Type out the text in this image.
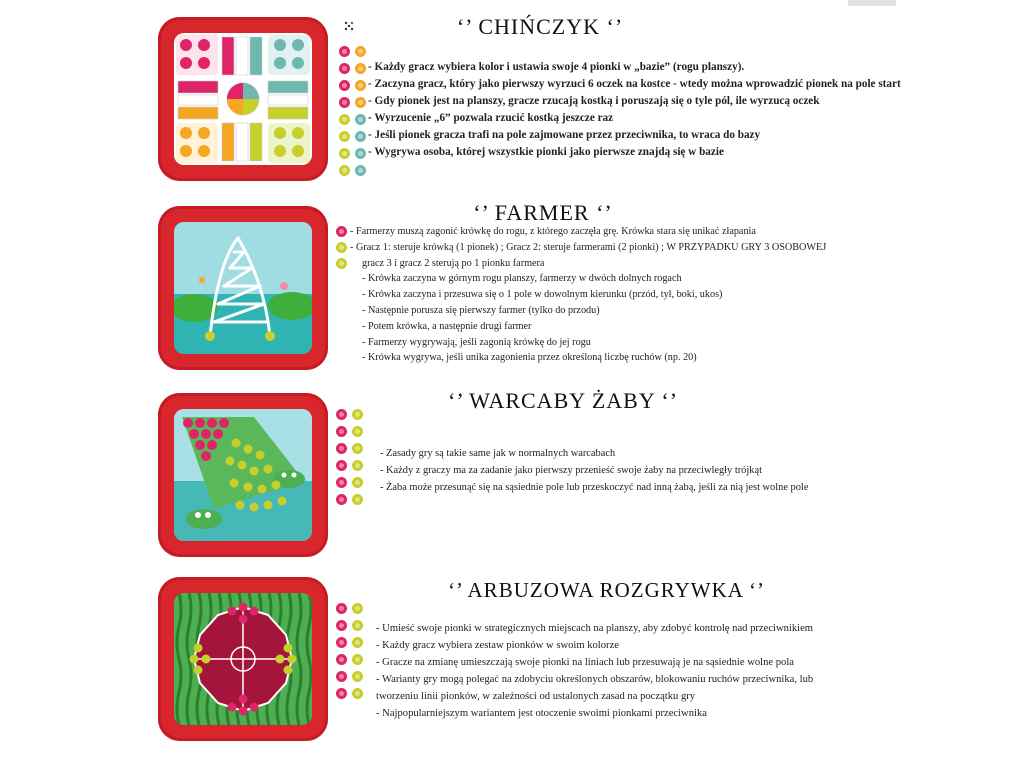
‘’ CHIŃCZYK ‘’
- Każdy gracz wybiera kolor i ustawia swoje 4 pionki w „bazie” (rogu planszy).
- Zaczyna gracz, który jako pierwszy wyrzuci 6 oczek na kostce - wtedy można wprowadzić pionek na pole start
- Gdy pionek jest na planszy, gracze rzucają kostką i poruszają się o tyle pól, ile wyrzucą oczek
- Wyrzucenie „6” pozwala rzucić kostką jeszcze raz
- Jeśli pionek gracza trafi na pole zajmowane przez przeciwnika, to wraca do bazy
- Wygrywa osoba, której wszystkie pionki jako pierwsze znajdą się w bazie
‘’ FARMER ‘’
- Farmerzy muszą zagonić krówkę do rogu, z którego zaczęła grę. Krówka stara się unikać złapania
- Gracz 1: steruje krówką (1 pionek) ; Gracz 2: steruje farmerami (2 pionki) ; W PRZYPADKU GRY 3 OSOBOWEJ
gracz 3 i gracz 2 sterują po 1 pionku farmera
- Krówka zaczyna w górnym rogu planszy, farmerzy w dwóch dolnych rogach
- Krówka zaczyna i przesuwa się o 1 pole w dowolnym kierunku (przód, tył, boki, ukos)
- Następnie porusza się pierwszy farmer (tylko do przodu)
- Potem krówka, a następnie drugi farmer
- Farmerzy wygrywają, jeśli zagonią krówkę do jej rogu
- Krówka wygrywa, jeśli unika zagonienia przez określoną liczbę ruchów (np. 20)
‘’ WARCABY ŻABY ‘’
- Zasady gry są takie same jak w normalnych warcabach
- Każdy z graczy ma za zadanie jako pierwszy przenieść swoje żaby na przeciwległy trójkąt
- Żaba może przesunąć się na sąsiednie pole lub przeskoczyć nad inną żabą, jeśli za nią jest wolne pole
‘’ ARBUZOWA ROZGRYWKA ‘’
- Umieść swoje pionki w strategicznych miejscach na planszy, aby zdobyć kontrolę nad przeciwnikiem
- Każdy gracz wybiera zestaw pionków w swoim kolorze
- Gracze na zmianę umieszczają swoje pionki na liniach lub przesuwają je na sąsiednie wolne pola
- Warianty gry mogą polegać na zdobyciu określonych obszarów, blokowaniu ruchów przeciwnika, lub
tworzeniu linii pionków, w zależności od ustalonych zasad na początku gry
- Najpopularniejszym wariantem jest otoczenie swoimi pionkami przeciwnika
